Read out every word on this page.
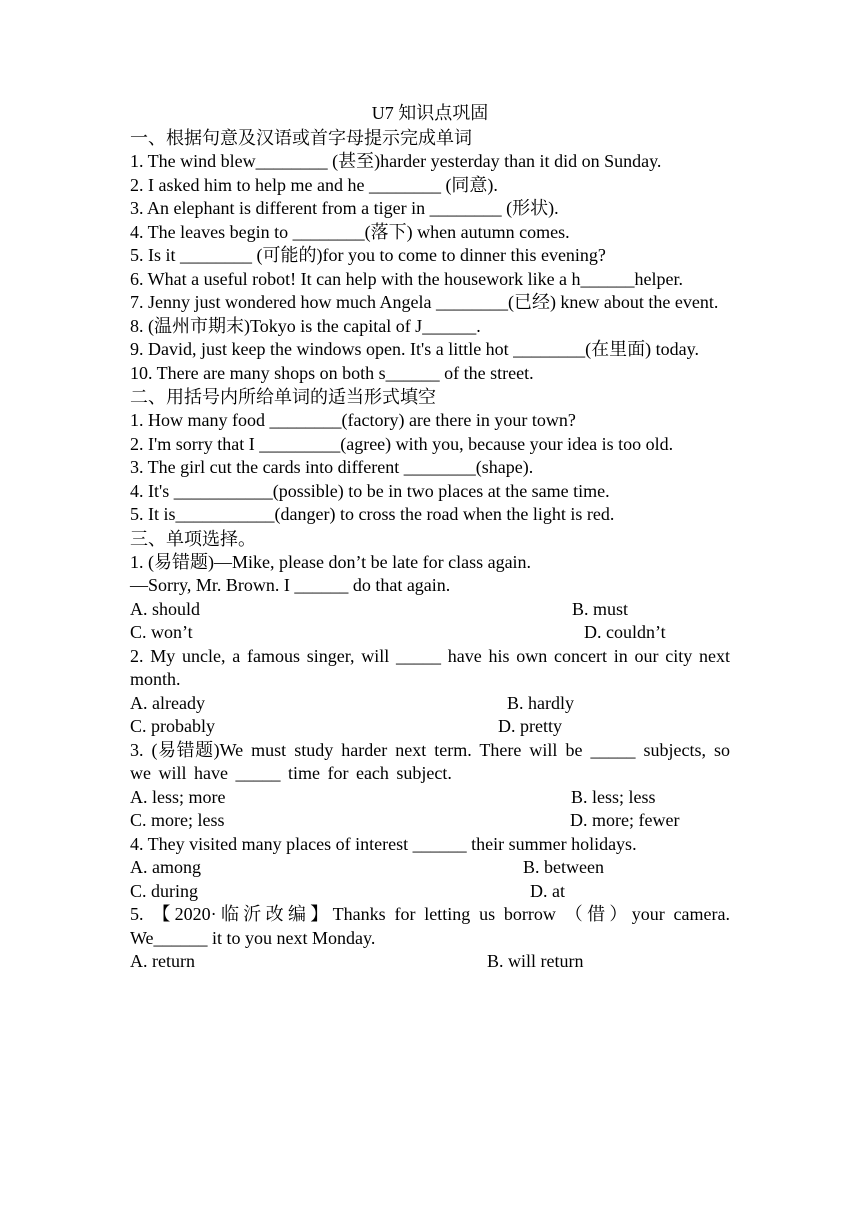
U7 知识点巩固
一、根据句意及汉语或首字母提示完成单词
1. The wind blew________ (甚至)harder yesterday than it did on Sunday.
2. I asked him to help me and he ________ (同意).
3. An elephant is different from a tiger in ________ (形状).
4. The leaves begin to ________(落下) when autumn comes.
5. Is it ________ (可能的)for you to come to dinner this evening?
6. What a useful robot! It can help with the housework like a h______helper.
7. Jenny just wondered how much Angela ________(已经) knew about the event.
8. (温州市期末)Tokyo is the capital of J______.
9. David, just keep the windows open. It's a little hot ________(在里面) today.
10. There are many shops on both s______ of the street.
二、用括号内所给单词的适当形式填空
1. How many food ________(factory) are there in your town?
2. I'm sorry that I _________(agree) with you, because your idea is too old.
3. The girl cut the cards into different ________(shape).
4. It's ___________(possible) to be in two places at the same time.
5. It is___________(danger) to cross the road when the light is red.
三、单项选择。
1. (易错题)—Mike, please don’t be late for class again.
—Sorry, Mr. Brown. I ______ do that again.
A. should	B. must
C. won’t	D. couldn’t
2. My uncle, a famous singer, will _____ have his own concert in our city next month.
A. already	B. hardly
C. probably	D. pretty
3. (易错题)We must study harder next term. There will be _____ subjects, so we will have _____ time for each subject.
A. less; more	B. less; less
C. more; less	D. more; fewer
4. They visited many places of interest ______ their summer holidays.
A. among	B. between
C. during	D. at
5. 【2020·临沂改编】Thanks for letting us borrow （借）your camera. We______ it to you next Monday.
A. return	B. will return
